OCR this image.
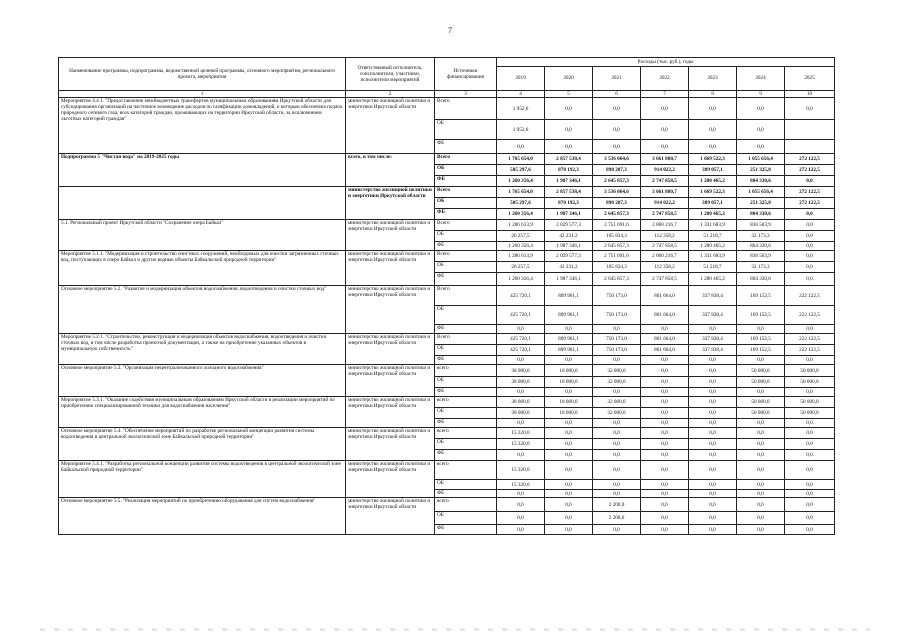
7
Наименование программы, подпрограммы, ведомственной целевой программы, основного мероприятия, регионального проекта, мероприятия	Ответственный исполнитель, соисполнители, участники, исполнители мероприятий	Источники финансирования	Расходы (тыс. руб.), годы						
			2019	2020	2021	2022	2023	2024	2025
1	2	3	4	5	6	7	8	9	10
Мероприятие 4.4.1. "Предоставление межбюджетных трансфертов муниципальным образованиям Иркутской области для субсидирования организаций на частичное возмещение расходов по газификации домовладений, к которым обеспечена подача природного сетевого газа, всех категорий граждан, проживающих на территории Иркутской области, за исключением льготных категорий граждан"	министерство жилищной политики и энергетики Иркутской области	Всего	1 952,6	0,0	0,0	0,0	0,0	0,0	0,0
		ОБ	1 952,6	0,0	0,0	0,0	0,0	0,0	
		ФБ	0,0	0,0	0,0	0,0	0,0	0,0	
Подпрограмма 5 "Чистая вода" на 2019-2025 годы	всего, в том числе:	Всего	1 765 654,0	2 857 538,4	3 536 064,6	3 661 880,7	1 669 522,3	1 055 656,4	272 122,5
		ОБ	505 297,6	870 192,3	890 207,3	914 022,2	389 057,1	251 325,8	272 122,5
		ФБ	1 260 356,4	1 987 346,1	2 645 857,3	2 747 858,5	1 280 465,2	804 330,6	0,0
	министерство жилищной политики и энергетики Иркутской области	Всего	1 765 654,0	2 857 538,4	3 536 064,6	3 661 880,7	1 669 522,3	1 055 656,4	272 122,5
		ОБ	505 297,6	870 192,3	890 207,3	914 022,2	389 057,1	251 325,8	272 122,5
		ФБ	1 260 356,4	1 987 346,1	2 645 857,3	2 747 858,5	1 280 465,2	804 330,6	0,0
5.1. Региональный проект Иркутской области "Сохранение озера Байкал"	министерство жилищной политики и энергетики Иркутской области	Всего	1 286 613,9	2 029 577,3	2 751 691,6	2 860 216,7	1 331 683,9	836 503,9	0,0
		ОБ	26 257,5	42 231,2	105 834,3	112 358,2	51 218,7	32 173,3	0,0
		ФБ	1 260 356,4	1 987 346,1	2 645 857,3	2 747 858,5	1 280 465,2	804 330,6	0,0
Мероприятие 5.1.1. "Модернизация и строительство очистных сооружений, необходимых для очистки загрязненных сточных вод, поступающих в озеро Байкал и другие водные объекты Байкальской природной территории"	министерство жилищной политики и энергетики Иркутской области	Всего	1 286 613,9	2 029 577,3	2 751 691,6	2 860 216,7	1 331 683,9	836 503,9	0,0
		ОБ	26 257,5	42 231,2	105 834,3	112 358,2	51 218,7	32 173,3	0,0
		ФБ	1 260 356,4	1 987 346,1	2 645 857,3	2 747 858,5	1 280 465,2	804 330,6	0,0
Основное мероприятие 5.2. "Развитие и модернизация объектов водоснабжения, водоотведения и очистки сточных вод"	министерство жилищной политики и энергетики Иркутской области	Всего	425 720,1	809 961,1	750 173,0	801 664,0	337 838,4	169 152,5	222 122,5
		ОБ	425 720,1	809 961,1	750 173,0	801 664,0	337 838,4	169 152,5	222 122,5
		ФБ	0,0	0,0	0,0	0,0	0,0	0,0	0,0
Мероприятие 5.2.1. "Строительство, реконструкция и модернизация объектов водоснабжения, водоотведения и очистки сточных вод, в том числе разработка проектной документации, а также на приобретение указанных объектов в муниципальную собственность"	министерство жилищной политики и энергетики Иркутской области	Всего	425 720,1	809 961,1	750 173,0	801 664,0	337 838,4	169 152,5	222 122,5
		ОБ	425 720,1	809 961,1	750 173,0	801 664,0	337 838,4	169 152,5	222 122,5
		ФБ	0,0	0,0	0,0	0,0	0,0	0,0	0,0
Основное мероприятие 5.3. "Организация нецентрализованного холодного водоснабжения"	министерство жилищной политики и энергетики Иркутской области	всего	38 000,0	18 000,0	32 000,0	0,0	0,0	50 000,0	50 000,0
		ОБ	38 000,0	18 000,0	32 000,0	0,0	0,0	50 000,0	50 000,0
		ФБ	0,0	0,0	0,0	0,0	0,0	0,0	0,0
Мероприятие 5.3.1. "Оказание содействия муниципальным образованиям Иркутской области в реализации мероприятий по приобретению специализированной техники для водоснабжения населения"	министерство жилищной политики и энергетики Иркутской области	всего	38 000,0	18 000,0	32 000,0	0,0	0,0	50 000,0	50 000,0
		ОБ	38 000,0	18 000,0	32 000,0	0,0	0,0	50 000,0	50 000,0
		ФБ	0,0	0,0	0,0	0,0	0,0	0,0	0,0
Основное мероприятие 5.4. "Обеспечение мероприятий по разработке региональной концепции развития системы водоотведения в центральной экологической зоне Байкальской природной территории"	министерство жилищной политики и энергетики Иркутской области	всего	15 320,0	0,0	0,0	0,0	0,0	0,0	0,0
		ОБ	15 320,0	0,0	0,0	0,0	0,0	0,0	0,0
		ФБ	0,0	0,0	0,0	0,0	0,0	0,0	0,0
Мероприятие 5.4.1. "Разработка региональной концепции развития системы водоотведения в центральной экологической зоне Байкальской природной территории"	министерство жилищной политики и энергетики Иркутской области	всего	15 320,0	0,0	0,0	0,0	0,0	0,0	0,0
		ОБ	15 320,0	0,0	0,0	0,0	0,0	0,0	0,0
		ФБ	0,0	0,0	0,0	0,0	0,0	0,0	0,0
Основное мероприятие 5.5. "Реализация мероприятий по приобретению оборудования для систем водоснабжения"	министерство жилищной политики и энергетики Иркутской области	всего	0,0	0,0	2 200,0	0,0	0,0	0,0	0,0
		ОБ	0,0	0,0	2 200,0	0,0	0,0	0,0	0,0
		ФБ	0,0	0,0	0,0	0,0	0,0	0,0	0,0
